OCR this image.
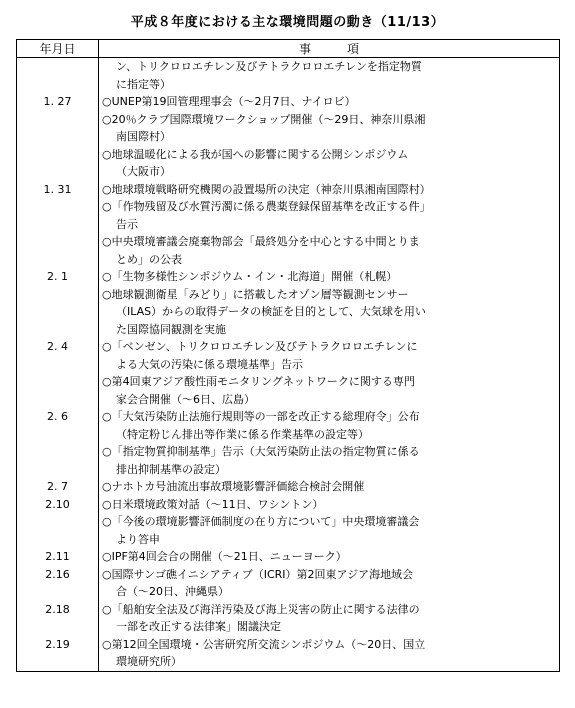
平成８年度における主な環境問題の動き（11/13）
年月日	事　　　項

	ン、トリクロロエチレン及びテトラクロロエチレンを指定物質
に指定等）

1. 27	○UNEP第19回管理理事会（～2月7日、ナイロビ）

	○20％クラブ国際環境ワークショップ開催（～29日、神奈川県湘
南国際村）

	○地球温暖化による我が国への影響に関する公開シンポジウム
（大阪市）

1. 31	○地球環境戦略研究機関の設置場所の決定（神奈川県湘南国際村）

	○「作物残留及び水質汚濁に係る農薬登録保留基準を改正する件」
告示

	○中央環境審議会廃棄物部会「最終処分を中心とする中間とりま
とめ」の公表

2. 1	○「生物多様性シンポジウム・イン・北海道」開催（札幌）

	○地球観測衛星「みどり」に搭載したオゾン層等観測センサー
（ILAS）からの取得データの検証を目的として、大気球を用い
た国際協同観測を実施

2. 4	○「ベンゼン、トリクロロエチレン及びテトラクロロエチレンに
よる大気の汚染に係る環境基準」告示

	○第4回東アジア酸性雨モニタリングネットワークに関する専門
家会合開催（～6日、広島）

2. 6	○「大気汚染防止法施行規則等の一部を改正する総理府令」公布
（特定粉じん排出等作業に係る作業基準の設定等）

	○「指定物質抑制基準」告示（大気汚染防止法の指定物質に係る
排出抑制基準の設定）

2. 7	○ナホトカ号油流出事故環境影響評価総合検討会開催

2.10	○日米環境政策対話（～11日、ワシントン）

	○「今後の環境影響評価制度の在り方について」中央環境審議会
より答申

2.11	○IPF第4回会合の開催（～21日、ニューヨーク）

2.16	○国際サンゴ礁イニシアティブ（ICRI）第2回東アジア海地域会
合（～20日、沖縄県）

2.18	○「船舶安全法及び海洋汚染及び海上災害の防止に関する法律の
一部を改正する法律案」閣議決定

2.19	○第12回全国環境・公害研究所交流シンポジウム（～20日、国立
環境研究所）
